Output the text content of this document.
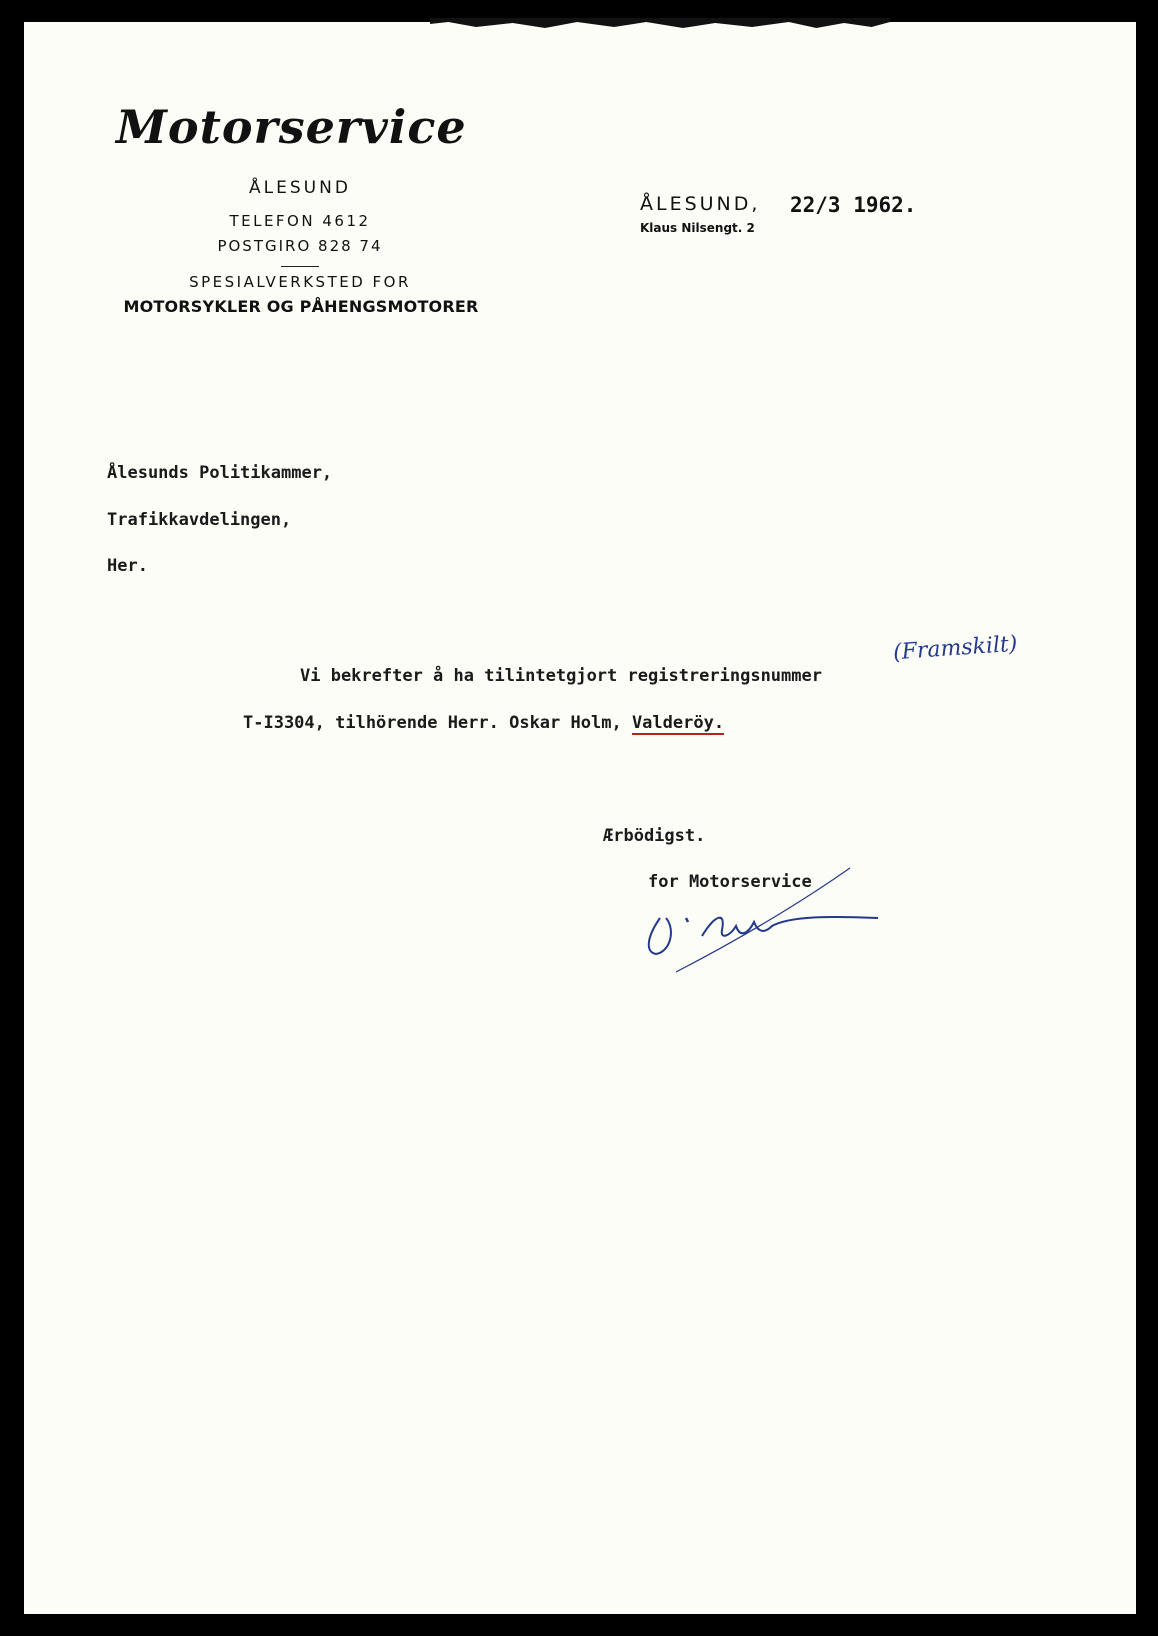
Motorservice
ÅLESUND
TELEFON 4612
POSTGIRO 828 74
SPESIALVERKSTED FOR
MOTORSYKLER OG PÅHENGSMOTORER
ÅLESUND,
Klaus Nilsengt. 2
22/3 1962.
Ålesunds Politikammer,
Trafikkavdelingen,
Her.
Vi bekrefter å ha tilintetgjort registreringsnummer
T-I3304, tilhörende Herr. Oskar Holm, Valderöy.
(Framskilt)
Ærbödigst.
for Motorservice
